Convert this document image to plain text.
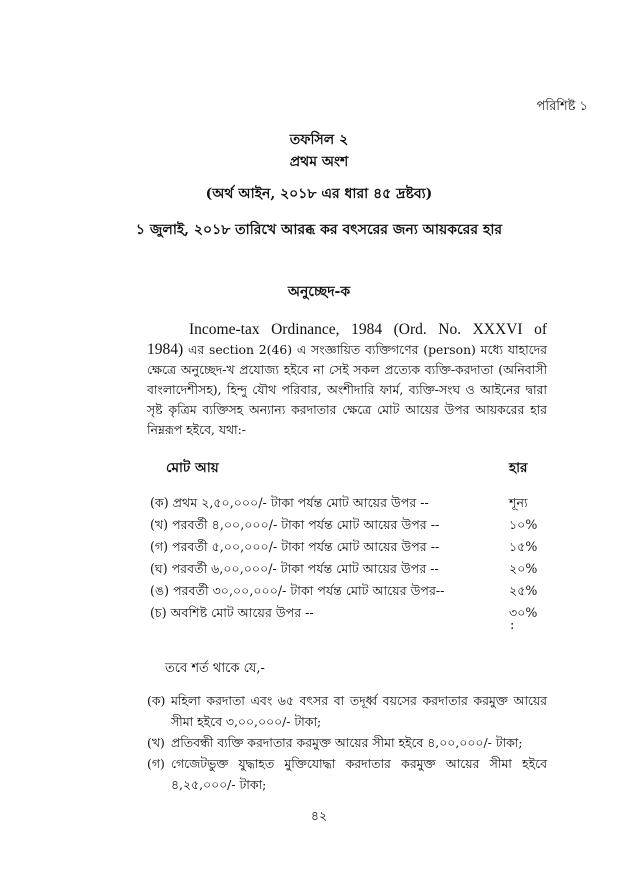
পরিশিষ্ট ১
তফসিল ২
প্রথম অংশ
(অর্থ আইন, ২০১৮ এর ধারা ৪৫ দ্রষ্টব্য)
১ জুলাই, ২০১৮ তারিখে আরব্ধ কর বৎসরের জন্য আয়করের হার
অনুচ্ছেদ-ক
Income-tax Ordinance, 1984 (Ord. No. XXXVI of
1984) এর section 2(46) এ সংজ্ঞায়িত ব্যক্তিগণের (person) মধ্যে যাহাদের ক্ষেত্রে অনুচ্ছেদ-খ প্রযোজ্য হইবে না সেই সকল প্রত্যেক ব্যক্তি-করদাতা (অনিবাসী বাংলাদেশীসহ), হিন্দু যৌথ পরিবার, অংশীদারি ফার্ম, ব্যক্তি-সংঘ ও আইনের দ্বারা সৃষ্ট কৃত্রিম ব্যক্তিসহ অন্যান্য করদাতার ক্ষেত্রে মোট আয়ের উপর আয়করের হার নিম্নরূপ হইবে, যথা:-
মোট আয়	হার
(ক) প্রথম ২,৫০,০০০/- টাকা পর্যন্ত মোট আয়ের উপর --	শূন্য
(খ) পরবর্তী ৪,০০,০০০/- টাকা পর্যন্ত মোট আয়ের উপর --	১০%
(গ) পরবর্তী ৫,০০,০০০/- টাকা পর্যন্ত মোট আয়ের উপর --	১৫%
(ঘ) পরবর্তী ৬,০০,০০০/- টাকা পর্যন্ত মোট আয়ের উপর --	২০%
(ঙ) পরবর্তী ৩০,০০,০০০/- টাকা পর্যন্ত মোট আয়ের উপর--	২৫%
(চ) অবশিষ্ট মোট আয়ের উপর --	৩০%
:
তবে শর্ত থাকে যে,-
(ক) মহিলা করদাতা এবং ৬৫ বৎসর বা তদূর্ধ্ব বয়সের করদাতার করমুক্ত আয়ের সীমা হইবে ৩,০০,০০০/- টাকা;
(খ) প্রতিবন্ধী ব্যক্তি করদাতার করমুক্ত আয়ের সীমা হইবে ৪,০০,০০০/- টাকা;
(গ) গেজেটভুক্ত যুদ্ধাহত মুক্তিযোদ্ধা করদাতার করমুক্ত আয়ের সীমা হইবে ৪,২৫,০০০/- টাকা;
৪২
